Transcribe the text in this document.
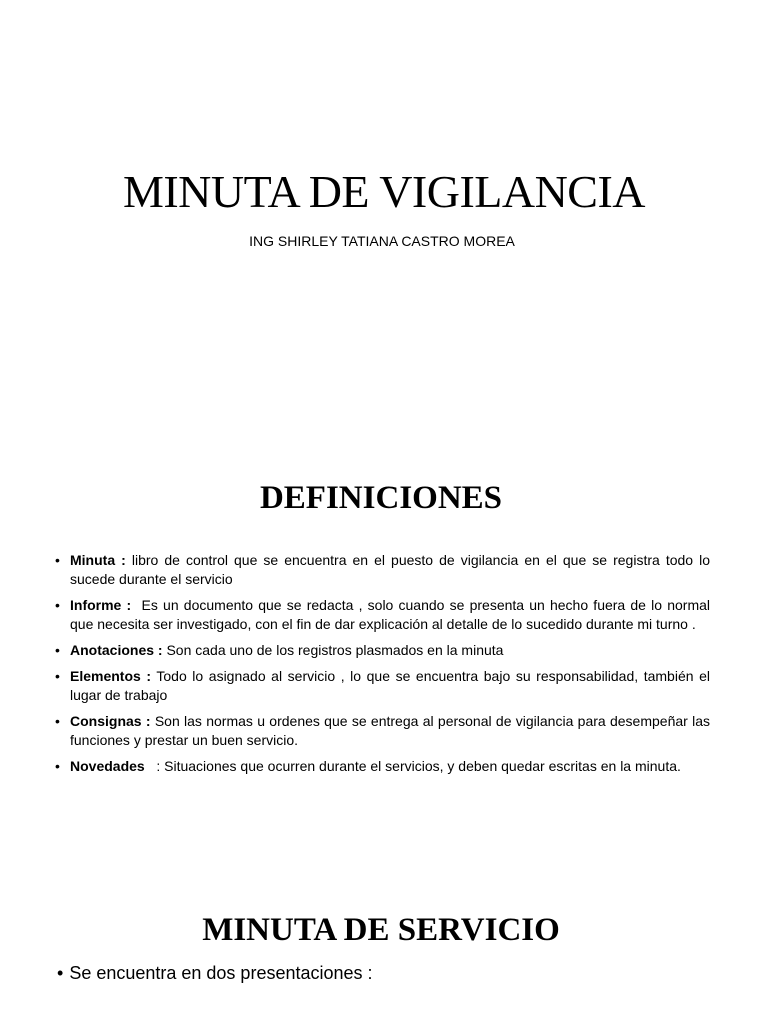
MINUTA DE VIGILANCIA

ING SHIRLEY TATIANA CASTRO MOREA

DEFINICIONES
• Minuta : libro de control que se encuentra en el puesto de vigilancia en el que se registra todo lo sucede durante el servicio
• Informe :  Es un documento que se redacta , solo cuando se presenta un hecho fuera de lo normal que necesita ser investigado, con el fin de dar explicación al detalle de lo sucedido durante mi turno .
• Anotaciones : Son cada uno de los registros plasmados en la minuta
• Elementos : Todo lo asignado al servicio , lo que se encuentra bajo su responsabilidad, también el lugar de trabajo
• Consignas : Son las normas u ordenes que se entrega al personal de vigilancia para desempeñar las funciones y prestar un buen servicio.
• Novedades   : Situaciones que ocurren durante el servicios, y deben quedar escritas en la minuta.
MINUTA DE SERVICIO

• Se encuentra en dos presentaciones :
